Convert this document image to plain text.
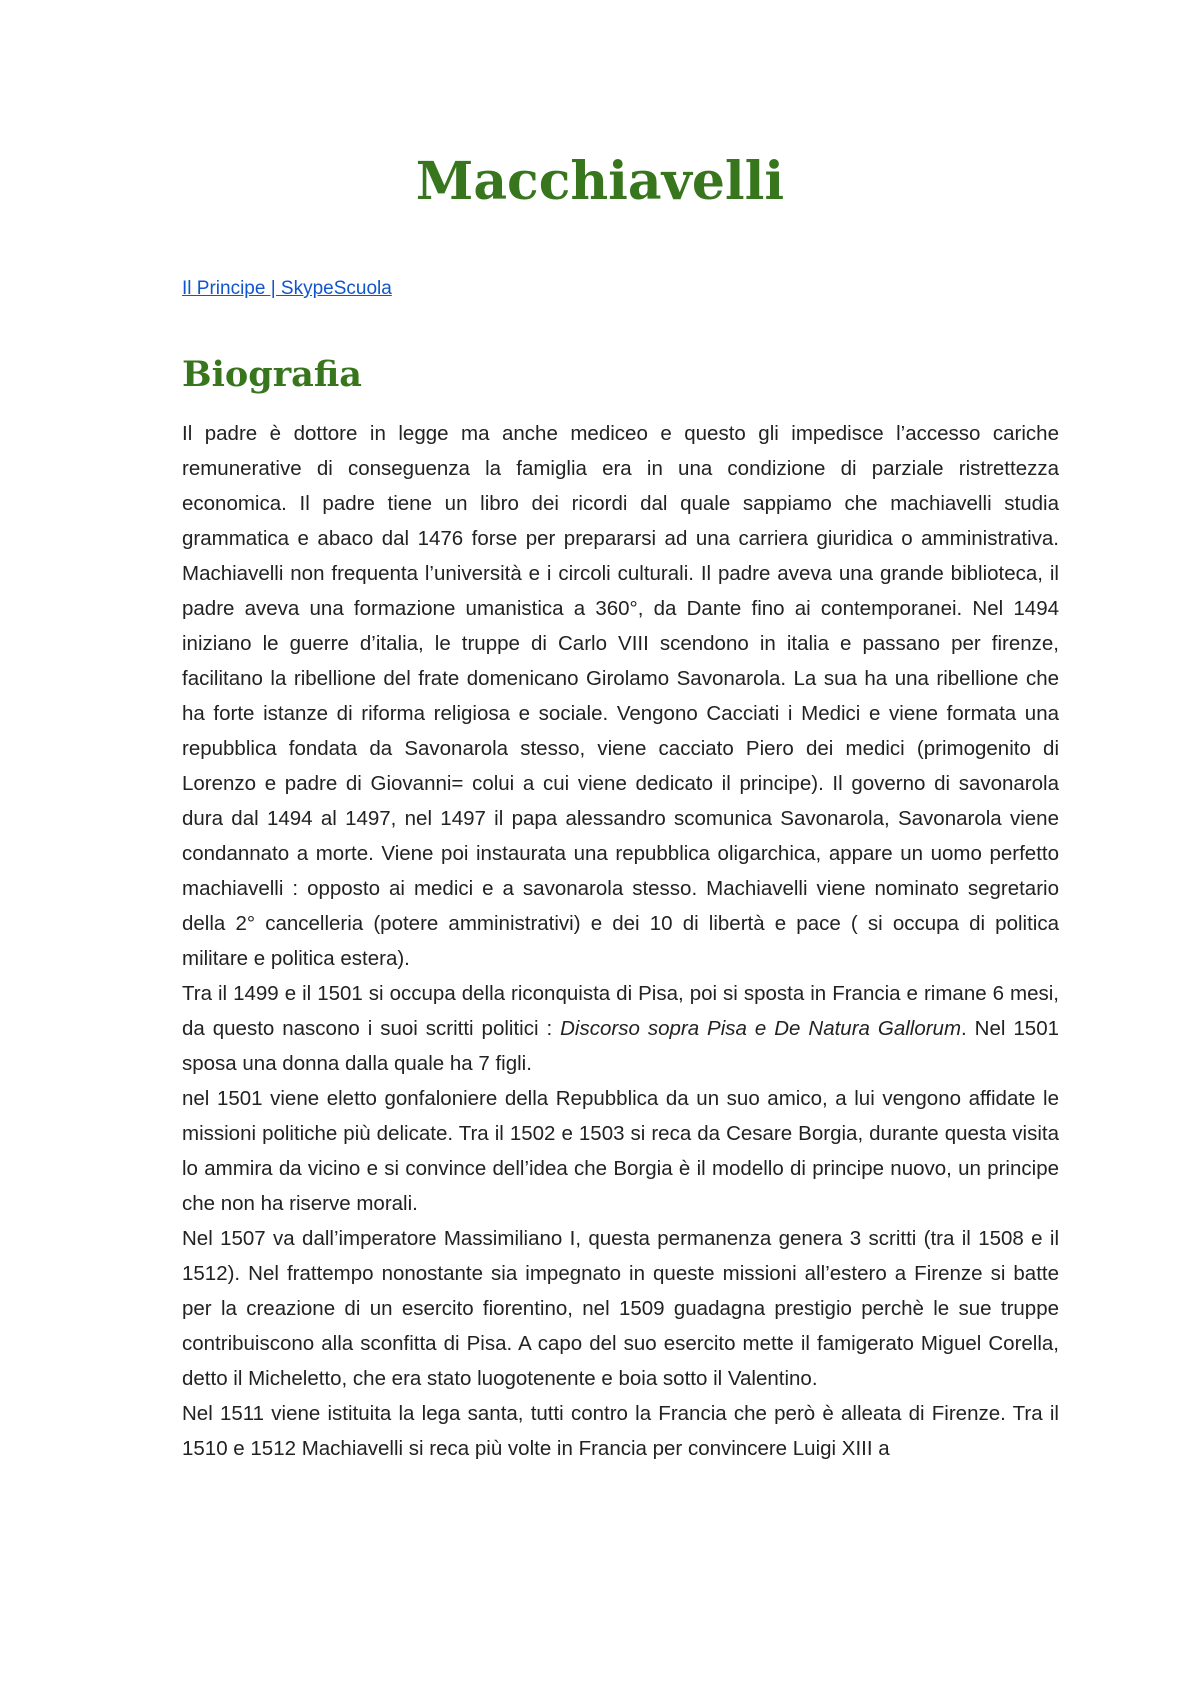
Macchiavelli
Il Principe | SkypeScuola
Biografia

Il padre è dottore in legge ma anche mediceo e questo gli impedisce l’accesso cariche remunerative di conseguenza la famiglia era in una condizione di parziale ristrettezza economica. Il padre tiene un libro dei ricordi dal quale sappiamo che machiavelli studia grammatica e abaco dal 1476 forse per prepararsi ad una carriera giuridica o amministrativa. Machiavelli non frequenta l’università e i circoli culturali. Il padre aveva una grande biblioteca, il padre aveva una formazione umanistica a 360°, da Dante fino ai contemporanei. Nel 1494 iniziano le guerre d’italia, le truppe di Carlo VIII scendono in italia e passano per firenze, facilitano la ribellione del frate domenicano Girolamo Savonarola. La sua ha una ribellione che ha forte istanze di riforma religiosa e sociale. Vengono Cacciati i Medici e viene formata una repubblica fondata da Savonarola stesso, viene cacciato Piero dei medici (primogenito di Lorenzo e padre di Giovanni= colui a cui viene dedicato il principe). Il governo di savonarola dura dal 1494 al 1497, nel 1497 il papa alessandro scomunica Savonarola, Savonarola viene condannato a morte. Viene poi instaurata una repubblica oligarchica, appare un uomo perfetto machiavelli : opposto ai medici e a savonarola stesso. Machiavelli viene nominato segretario della 2° cancelleria (potere amministrativi) e dei 10 di libertà e pace ( si occupa di politica militare e politica estera).

Tra il 1499 e il 1501 si occupa della riconquista di Pisa, poi si sposta in Francia e rimane 6 mesi, da questo nascono i suoi scritti politici : Discorso sopra Pisa e De Natura Gallorum. Nel 1501 sposa una donna dalla quale ha 7 figli.

nel 1501 viene eletto gonfaloniere della Repubblica da un suo amico, a lui vengono affidate le missioni politiche più delicate. Tra il 1502 e 1503 si reca da Cesare Borgia, durante questa visita lo ammira da vicino e si convince dell’idea che Borgia è il modello di principe nuovo, un principe che non ha riserve morali.

Nel 1507 va dall’imperatore Massimiliano I, questa permanenza genera 3 scritti (tra il 1508 e il 1512). Nel frattempo nonostante sia impegnato in queste missioni all’estero a Firenze si batte per la creazione di un esercito fiorentino, nel 1509 guadagna prestigio perchè le sue truppe contribuiscono alla sconfitta di Pisa. A capo del suo esercito mette il famigerato Miguel Corella, detto il Micheletto, che era stato luogotenente e boia sotto il Valentino.

Nel 1511 viene istituita la lega santa, tutti contro la Francia che però è alleata di Firenze. Tra il 1510 e 1512 Machiavelli si reca più volte in Francia per convincere Luigi XIII a
